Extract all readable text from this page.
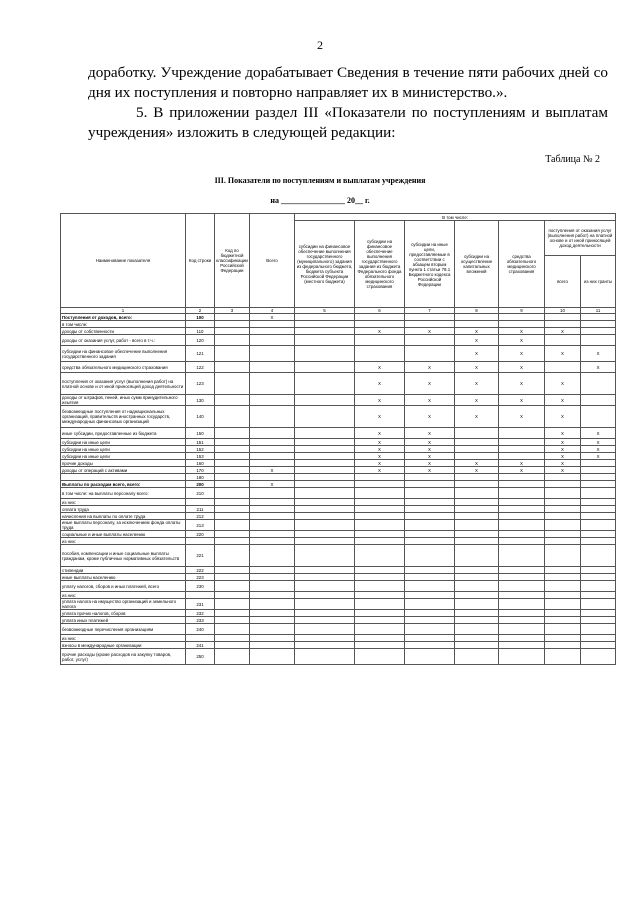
2

доработку. Учреждение дорабатывает Сведения в течение пяти рабочих дней со дня их поступления и повторно направляет их в министерство.».

5. В приложении раздел III «Показатели по поступлениям и выплатам учреждения» изложить в следующей редакции:

Таблица № 2
III. Показатели по поступлениям и выплатам учреждения
на ________________ 20__ г.
Наименование показателя	Код строки	Код по бюджетной классификации Российской Федерации	Всего	В том числе:							
				субсидии на финансовое обеспечение выполнения государственного (муниципального) задания из федерального бюджета, бюджета субъекта Российской Федерации (местного бюджета)	субсидии на финансовое обеспечение выполнения государственного задания из бюджета Федерального фонда обязательного медицинского страхования	субсидии на иные цели, предоставляемые в соответствии с абзацем вторым пункта 1 статьи 78.1 Бюджетного кодекса Российской Федерации	субсидии на осуществление капитальных вложений	средства обязательного медицинского страхования	поступления от оказания услуг (выполнения работ) на платной основе и от иной приносящей доход деятельности		
									всего	из них гранты	
1	2	3	4	5	6	7	8	9	10	11	
Поступления от доходов, всего:	100		X								
в том числе:											
доходы от собственности	110				X	X	X	X	X		
доходы от оказания услуг, работ - всего в т.ч.:	120						X	X			
субсидии на финансовое обеспечение выполнения государственного задания	121						X	X	X	X	
средства обязательного медицинского страхования	122				X	X	X	X		X	
поступления от оказания услуг (выполнения работ) на платной основе и от иной приносящей доход деятельности	123				X	X	X	X	X		
доходы от штрафов, пеней, иных сумм принудительного изъятия	130				X	X	X	X	X		
безвозмездные поступления от наднациональных организаций, правительств иностранных государств, международных финансовых организаций	140				X	X	X	X	X		
иные субсидии, предоставленные из бюджета	150				X	X			X	X	
субсидии на иные цели	151				X	X			X	X	
субсидии на иные цели	152				X	X			X	X	
субсидии на иные цели	153				X	X			X	X	
прочие доходы	160				X	X	X	X	X		
доходы от операций с активами	170		X		X	X	X	X	X		
	180										
Выплаты по расходам всего, всего:	200		X								
в том числе: на выплаты персоналу всего:	210										
из них:											
оплата труда	211										
начисления на выплаты по оплате труда	212										
иные выплаты персоналу, за исключением фонда оплаты труда	213										
социальные и иные выплаты населению	220										
из них:											
пособия, компенсации и иные социальные выплаты гражданам, кроме публичных нормативных обязательств	221										
стипендии	222										
иные выплаты населению	223										
уплату налогов, сборов и иных платежей, всего	230										
из них:											
уплата налога на имущество организаций и земельного налога	231										
уплата прочих налогов, сборов	232										
уплата иных платежей	233										
безвозмездные перечисления организациям	240										
из них:											
взносы в международные организации	241										
прочие расходы (кроме расходов на закупку товаров, работ, услуг)	250										
